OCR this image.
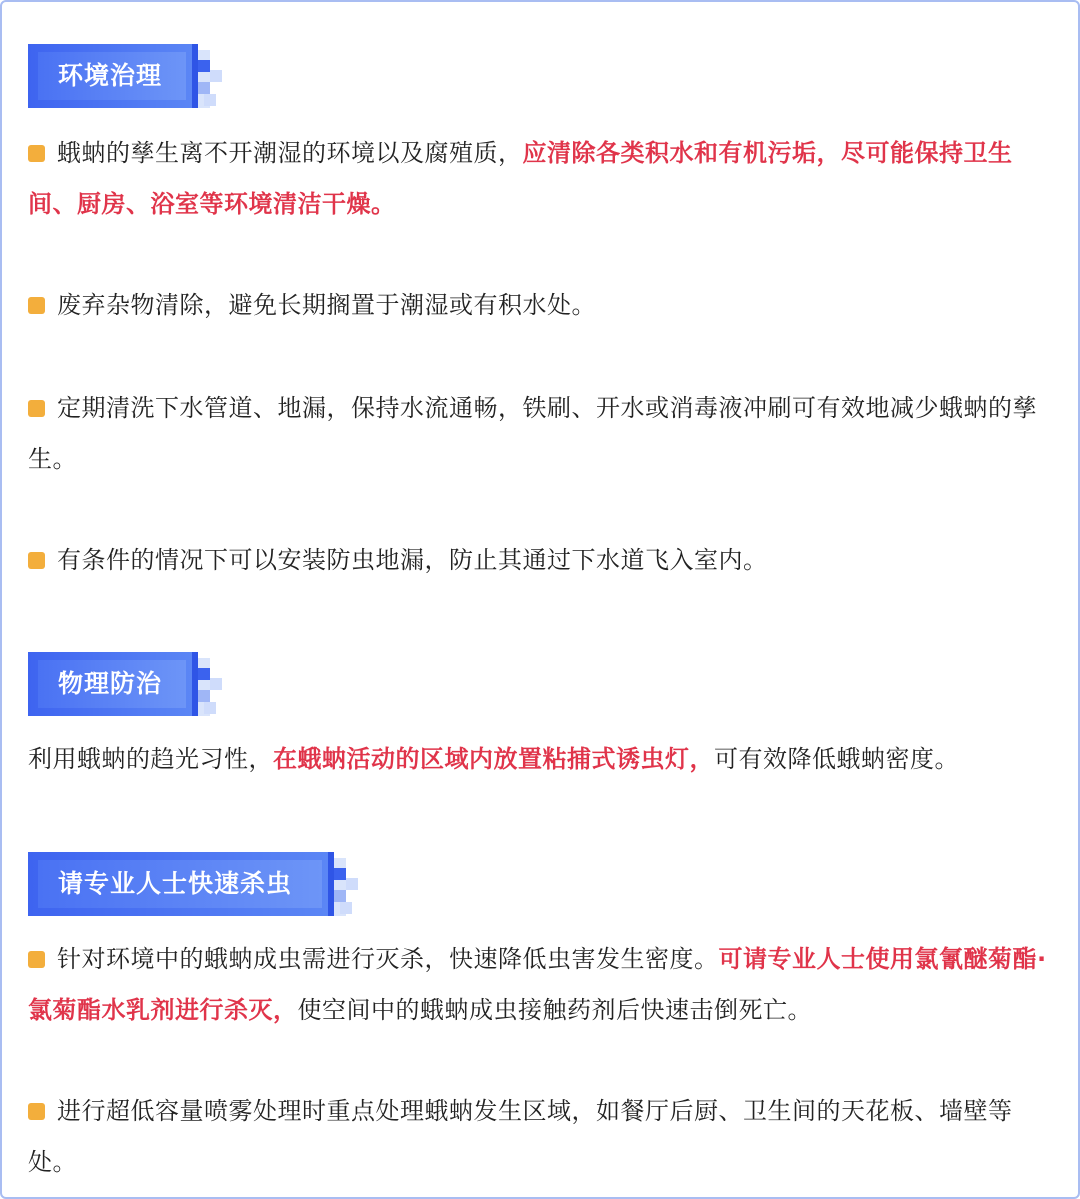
环境治理

蛾蚋的孳生离不开潮湿的环境以及腐殖质，应清除各类积水和有机污垢，尽可能保持卫生间、厨房、浴室等环境清洁干燥。

废弃杂物清除，避免长期搁置于潮湿或有积水处。

定期清洗下水管道、地漏，保持水流通畅，铁刷、开水或消毒液冲刷可有效地减少蛾蚋的孳生。

有条件的情况下可以安装防虫地漏，防止其通过下水道飞入室内。

物理防治

利用蛾蚋的趋光习性，在蛾蚋活动的区域内放置粘捕式诱虫灯，可有效降低蛾蚋密度。

请专业人士快速杀虫

针对环境中的蛾蚋成虫需进行灭杀，快速降低虫害发生密度。可请专业人士使用氯氰醚菊酯·氯菊酯水乳剂进行杀灭，使空间中的蛾蚋成虫接触药剂后快速击倒死亡。

进行超低容量喷雾处理时重点处理蛾蚋发生区域，如餐厅后厨、卫生间的天花板、墙壁等处。
